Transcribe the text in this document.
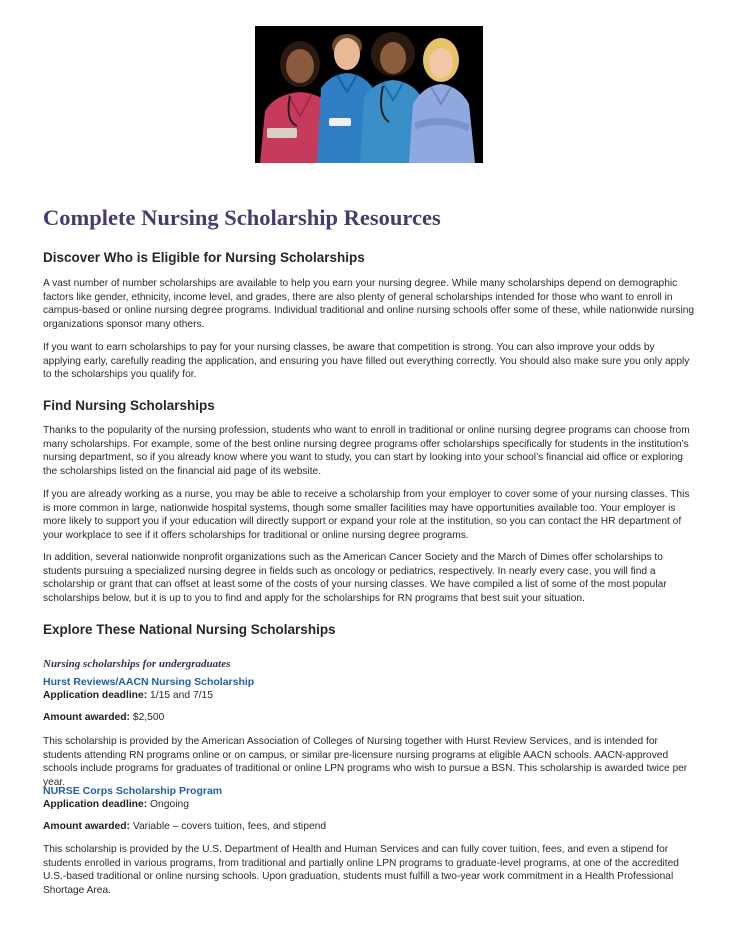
Complete Nursing Scholarship Resources
Discover Who is Eligible for Nursing Scholarships

A vast number of number scholarships are available to help you earn your nursing degree. While many scholarships depend on demographic factors like gender, ethnicity, income level, and grades, there are also plenty of general scholarships intended for those who want to enroll in campus-based or online nursing degree programs. Individual traditional and online nursing schools offer some of these, while nationwide nursing organizations sponsor many others.

If you want to earn scholarships to pay for your nursing classes, be aware that competition is strong. You can also improve your odds by applying early, carefully reading the application, and ensuring you have filled out everything correctly. You should also make sure you only apply to the scholarships you qualify for.

Find Nursing Scholarships

Thanks to the popularity of the nursing profession, students who want to enroll in traditional or online nursing degree programs can choose from many scholarships. For example, some of the best online nursing degree programs offer scholarships specifically for students in the institution’s nursing department, so if you already know where you want to study, you can start by looking into your school’s financial aid office or exploring the scholarships listed on the financial aid page of its website.

If you are already working as a nurse, you may be able to receive a scholarship from your employer to cover some of your nursing classes. This is more common in large, nationwide hospital systems, though some smaller facilities may have opportunities available too. Your employer is more likely to support you if your education will directly support or expand your role at the institution, so you can contact the HR department of your workplace to see if it offers scholarships for traditional or online nursing degree programs.

In addition, several nationwide nonprofit organizations such as the American Cancer Society and the March of Dimes offer scholarships to students pursuing a specialized nursing degree in fields such as oncology or pediatrics, respectively. In nearly every case, you will find a scholarship or grant that can offset at least some of the costs of your nursing classes. We have compiled a list of some of the most popular scholarships below, but it is up to you to find and apply for the scholarships for RN programs that best suit your situation.

Explore These National Nursing Scholarships

Nursing scholarships for undergraduates

Hurst Reviews/AACN Nursing Scholarship

Application deadline: 1/15 and 7/15

Amount awarded: $2,500

This scholarship is provided by the American Association of Colleges of Nursing together with Hurst Review Services, and is intended for students attending RN programs online or on campus, or similar pre-licensure nursing programs at eligible AACN schools. AACN-approved schools include programs for graduates of traditional or online LPN programs who wish to pursue a BSN. This scholarship is awarded twice per year.

NURSE Corps Scholarship Program

Application deadline: Ongoing

Amount awarded: Variable – covers tuition, fees, and stipend

This scholarship is provided by the U.S. Department of Health and Human Services and can fully cover tuition, fees, and even a stipend for students enrolled in various programs, from traditional and partially online LPN programs to graduate-level programs, at one of the accredited U.S.-based traditional or online nursing schools. Upon graduation, students must fulfill a two-year work commitment in a Health Professional Shortage Area.
